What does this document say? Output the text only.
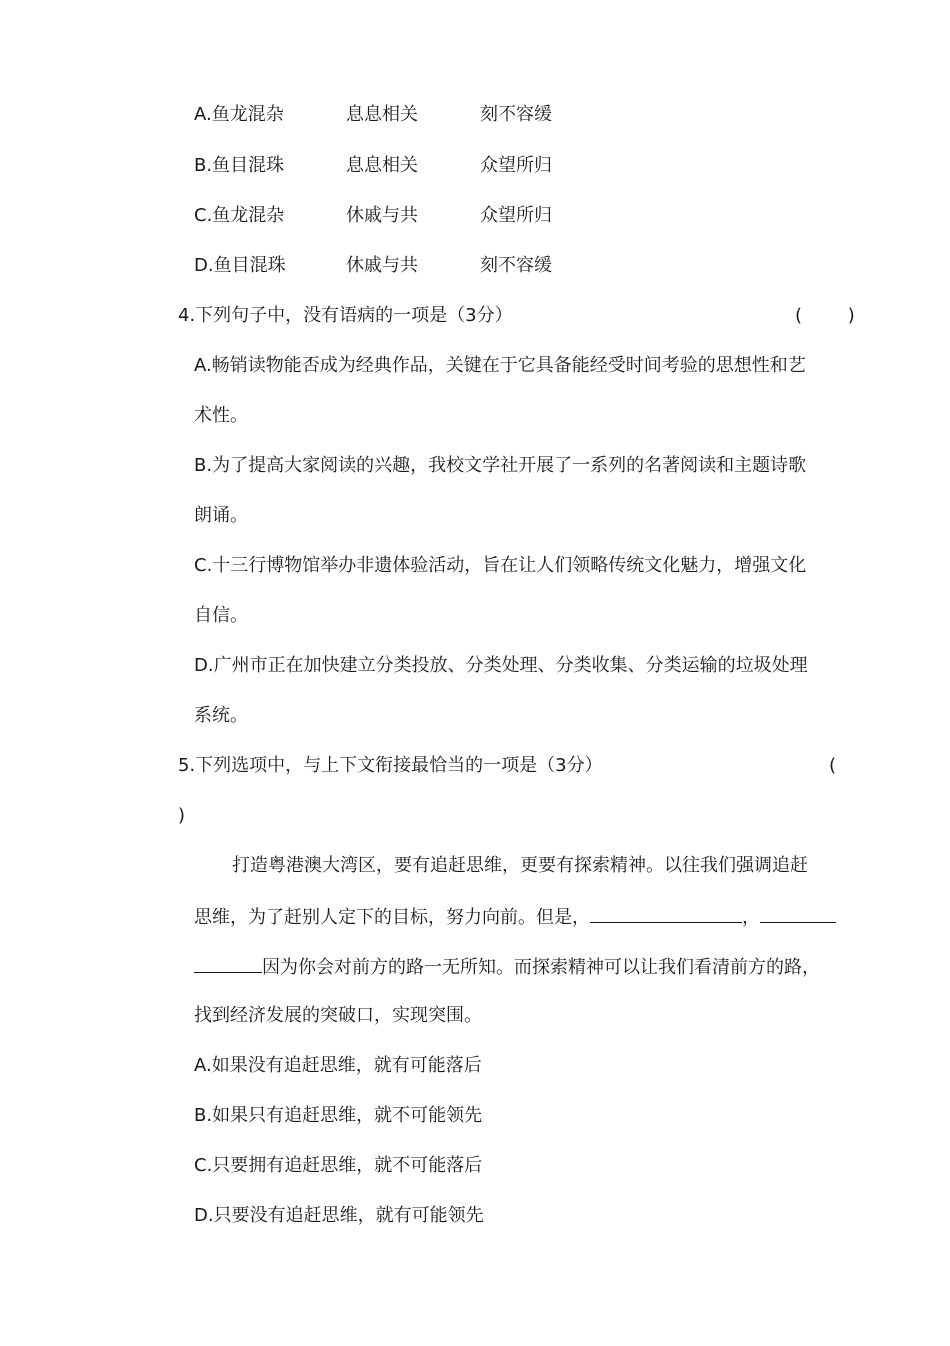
A.鱼龙混杂	息息相关	刻不容缓
B.鱼目混珠	息息相关	众望所归
C.鱼龙混杂	休戚与共	众望所归
D.鱼目混珠	休戚与共	刻不容缓
4.下列句子中，没有语病的一项是（3分）	(        )
A.畅销读物能否成为经典作品，关键在于它具备能经受时间考验的思想性和艺
术性。
B.为了提高大家阅读的兴趣，我校文学社开展了一系列的名著阅读和主题诗歌
朗诵。
C.十三行博物馆举办非遗体验活动，旨在让人们领略传统文化魅力，增强文化
自信。
D.广州市正在加快建立分类投放、分类处理、分类收集、分类运输的垃圾处理
系统。
5.下列选项中，与上下文衔接最恰当的一项是（3分）	(
)
打造粤港澳大湾区，要有追赶思维，更要有探索精神。以往我们强调追赶
思维，为了赶别人定下的目标，努力向前。但是，	，
因为你会对前方的路一无所知。而探索精神可以让我们看清前方的路，
找到经济发展的突破口，实现突围。
A.如果没有追赶思维，就有可能落后
B.如果只有追赶思维，就不可能领先
C.只要拥有追赶思维，就不可能落后
D.只要没有追赶思维，就有可能领先
